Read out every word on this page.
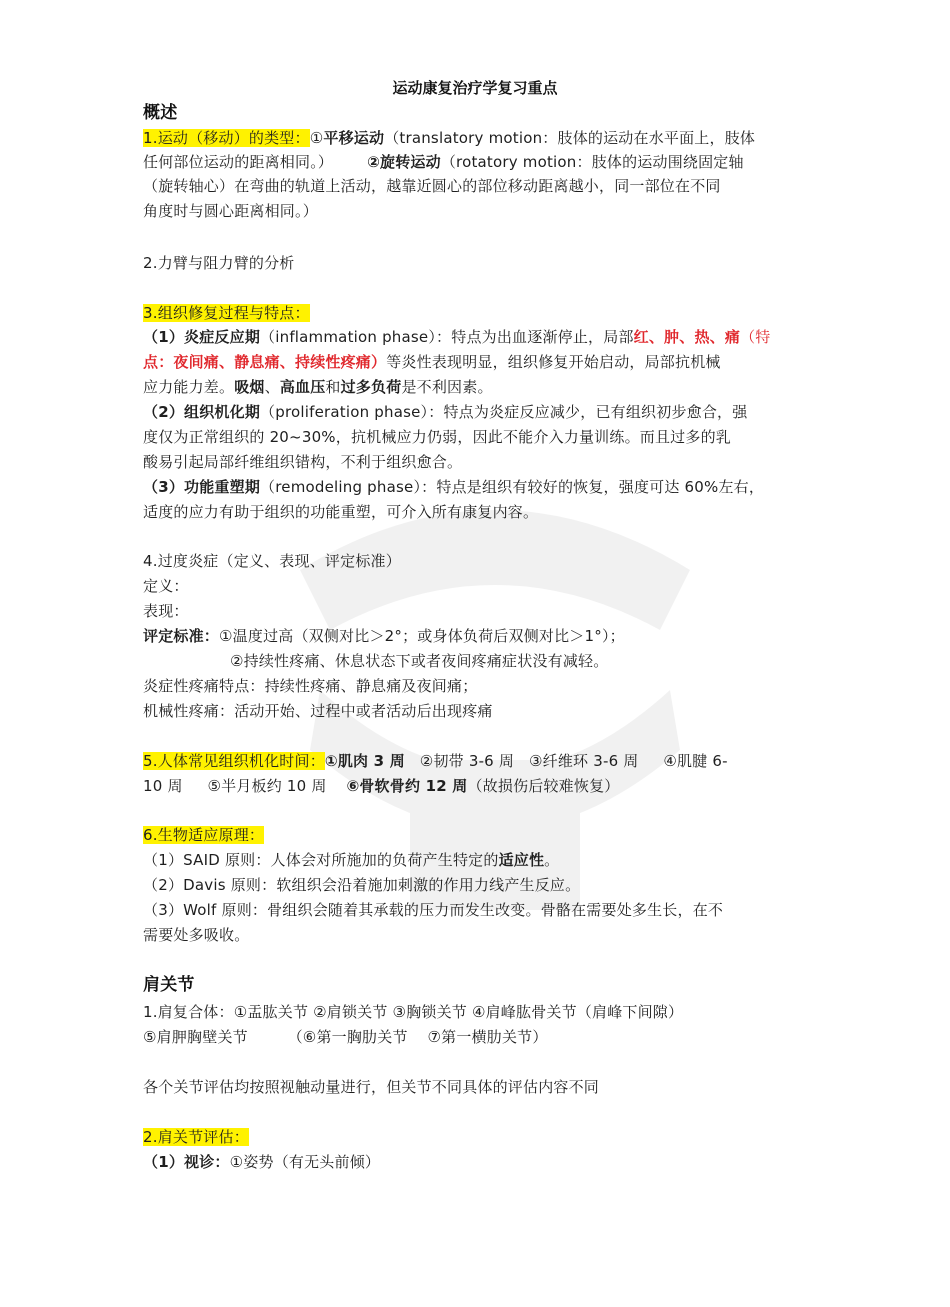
运动康复治疗学复习重点
概述
1.运动（移动）的类型：①平移运动（translatory motion：肢体的运动在水平面上，肢体
任何部位运动的距离相同。） ②旋转运动（rotatory motion：肢体的运动围绕固定轴
（旋转轴心）在弯曲的轨道上活动，越靠近圆心的部位移动距离越小，同一部位在不同
角度时与圆心距离相同。）
2.力臂与阻力臂的分析
3.组织修复过程与特点：
（1）炎症反应期（inflammation phase）：特点为出血逐渐停止，局部红、肿、热、痛（特
点：夜间痛、静息痛、持续性疼痛）等炎性表现明显，组织修复开始启动，局部抗机械
应力能力差。吸烟、高血压和过多负荷是不利因素。
（2）组织机化期（proliferation phase）：特点为炎症反应减少，已有组织初步愈合，强
度仅为正常组织的 20~30%，抗机械应力仍弱，因此不能介入力量训练。而且过多的乳
酸易引起局部纤维组织错构，不利于组织愈合。
（3）功能重塑期（remodeling phase）：特点是组织有较好的恢复，强度可达 60%左右，
适度的应力有助于组织的功能重塑，可介入所有康复内容。
4.过度炎症（定义、表现、评定标准）
定义：
表现：
评定标准：①温度过高（双侧对比＞2°；或身体负荷后双侧对比＞1°）；
②持续性疼痛、休息状态下或者夜间疼痛症状没有减轻。
炎症性疼痛特点：持续性疼痛、静息痛及夜间痛；
机械性疼痛：活动开始、过程中或者活动后出现疼痛
5.人体常见组织机化时间：①肌肉 3 周   ②韧带 3-6 周   ③纤维环 3-6 周     ④肌腱 6-
10 周     ⑤半月板约 10 周    ⑥骨软骨约 12 周（故损伤后较难恢复）
6.生物适应原理：
（1）SAID 原则：人体会对所施加的负荷产生特定的适应性。
（2）Davis 原则：软组织会沿着施加刺激的作用力线产生反应。
（3）Wolf 原则：骨组织会随着其承载的压力而发生改变。骨骼在需要处多生长，在不
需要处多吸收。
肩关节
1.肩复合体：①盂肱关节 ②肩锁关节 ③胸锁关节 ④肩峰肱骨关节（肩峰下间隙）
⑤肩胛胸壁关节        （⑥第一胸肋关节    ⑦第一横肋关节）
各个关节评估均按照视触动量进行，但关节不同具体的评估内容不同
2.肩关节评估：
（1）视诊：①姿势（有无头前倾）
